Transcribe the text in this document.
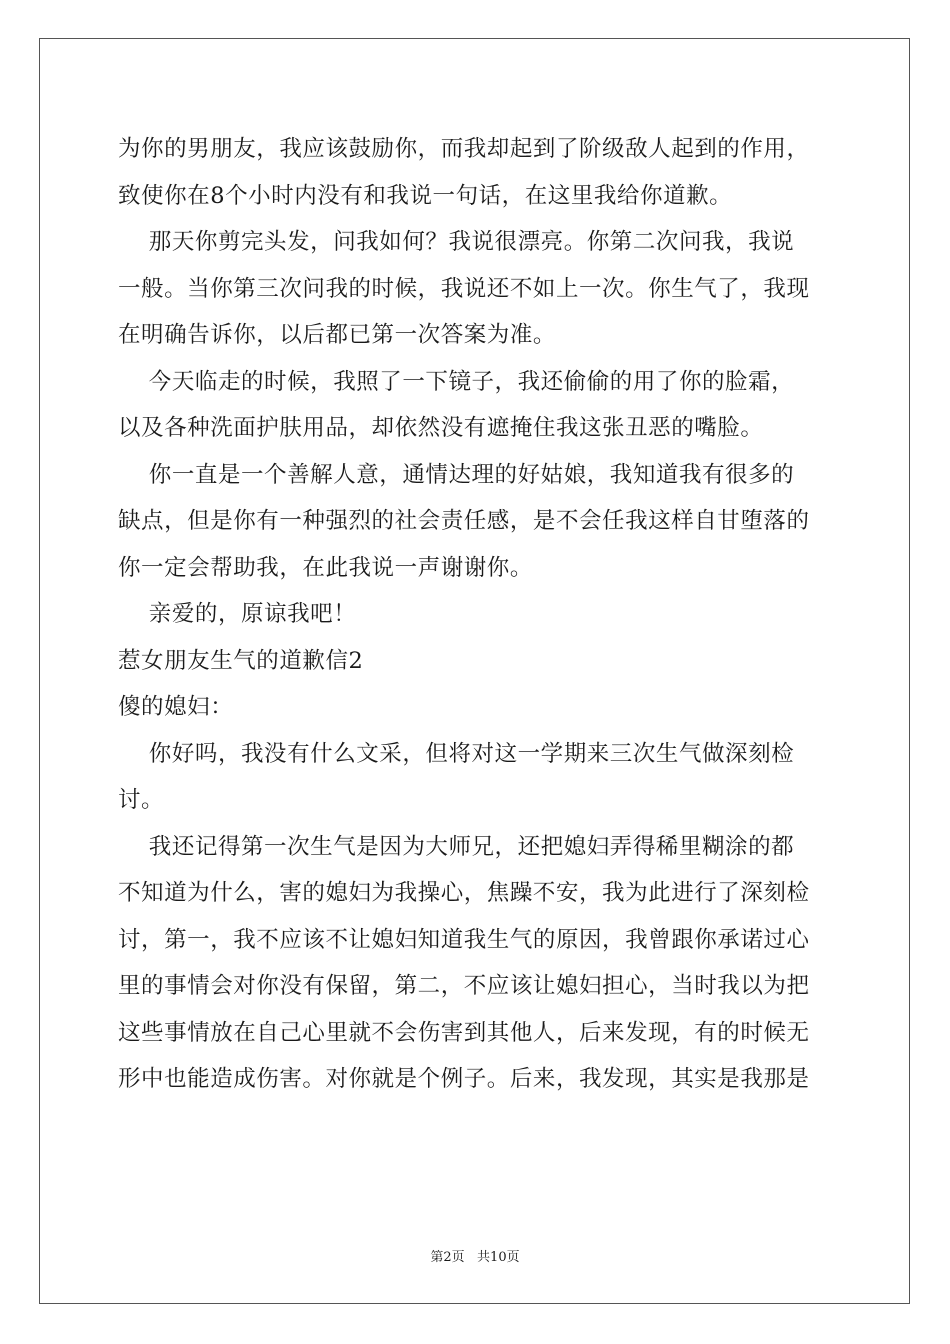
为你的男朋友，我应该鼓励你，而我却起到了阶级敌人起到的作用，
致使你在8个小时内没有和我说一句话，在这里我给你道歉。
那天你剪完头发，问我如何？我说很漂亮。你第二次问我，我说
一般。当你第三次问我的时候，我说还不如上一次。你生气了，我现
在明确告诉你，以后都已第一次答案为准。
今天临走的时候，我照了一下镜子，我还偷偷的用了你的脸霜，
以及各种洗面护肤用品，却依然没有遮掩住我这张丑恶的嘴脸。
你一直是一个善解人意，通情达理的好姑娘，我知道我有很多的
缺点，但是你有一种强烈的社会责任感，是不会任我这样自甘堕落的
你一定会帮助我，在此我说一声谢谢你。
亲爱的，原谅我吧！
惹女朋友生气的道歉信2
傻的媳妇：
你好吗，我没有什么文采，但将对这一学期来三次生气做深刻检
讨。
我还记得第一次生气是因为大师兄，还把媳妇弄得稀里糊涂的都
不知道为什么，害的媳妇为我操心，焦躁不安，我为此进行了深刻检
讨，第一，我不应该不让媳妇知道我生气的原因，我曾跟你承诺过心
里的事情会对你没有保留，第二，不应该让媳妇担心，当时我以为把
这些事情放在自己心里就不会伤害到其他人，后来发现，有的时候无
形中也能造成伤害。对你就是个例子。后来，我发现，其实是我那是
第2页   共10页
